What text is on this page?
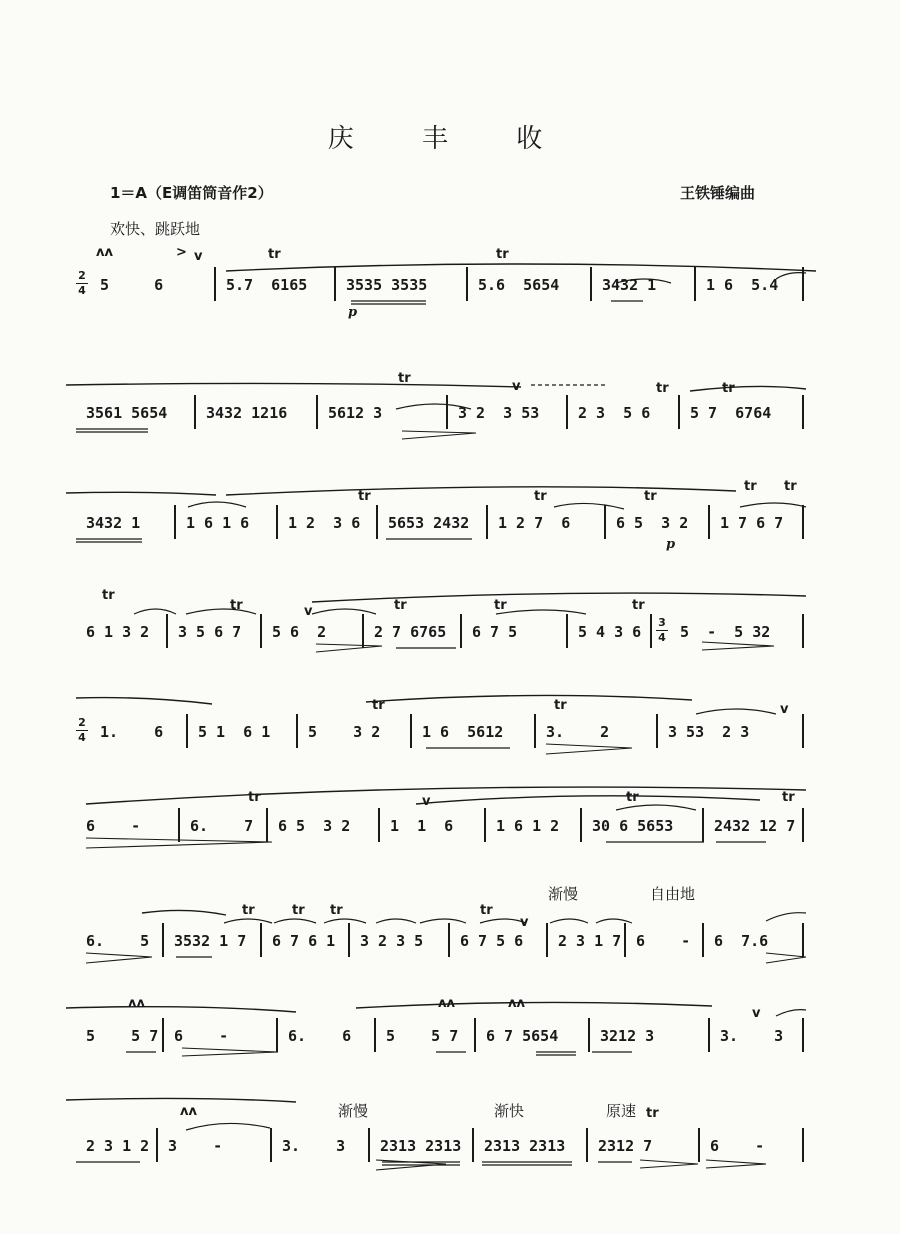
庆 丰 收
1＝A（E调笛筒音作2）	王铁锤编曲
欢快、跳跃地
2
4 5     6	5.7  6165	3535 3535	5.6  5654	3432 1	1 6  5.4
tr	tr
ʌʌ	> v
p
3561 5654	3432 1216	5612 3	3 2  3 53	2 3  5 6	5 7  6764
tr
tr	tr
v
3432 1	1 6 1 6	1 2  3 6	5653 2432	1 2 7  6	6 5  3 2	1 7 6 7
tr	tr	tr
tr tr
p
6 1 3 2	3 5 6 7	5 6  2	2 7 6765	6 7 5	5 4 3 6
3
4 5  -  5 32
tr
tr	tr	tr	tr
v
2
4 1.    6	5 1  6 1	5    3 2	1 6  5612	3.    2	3 53  2 3
tr	tr	v
6    -	6.    7	6 5  3 2	1  1  6	1 6 1 2	30 6 5653	2432 12 7
tr	tr	tr
v
6.    5	3532 1 7	6 7 6 1	3 2 3 5	6 7 5 6	2 3 1 7 6    -	6  7.6
渐慢	自由地
tr	tr tr	tr
v
5    5 7	6    -	6.    6	5    5 7	6 7 5654	3212 3	3.    3
ʌʌ	ʌʌ	ʌʌ
v
2 3 1 2	3    -	3.    3	2313 2313	2313 2313	2312 7	6    -
渐慢	渐快	原速 tr
ʌʌ
